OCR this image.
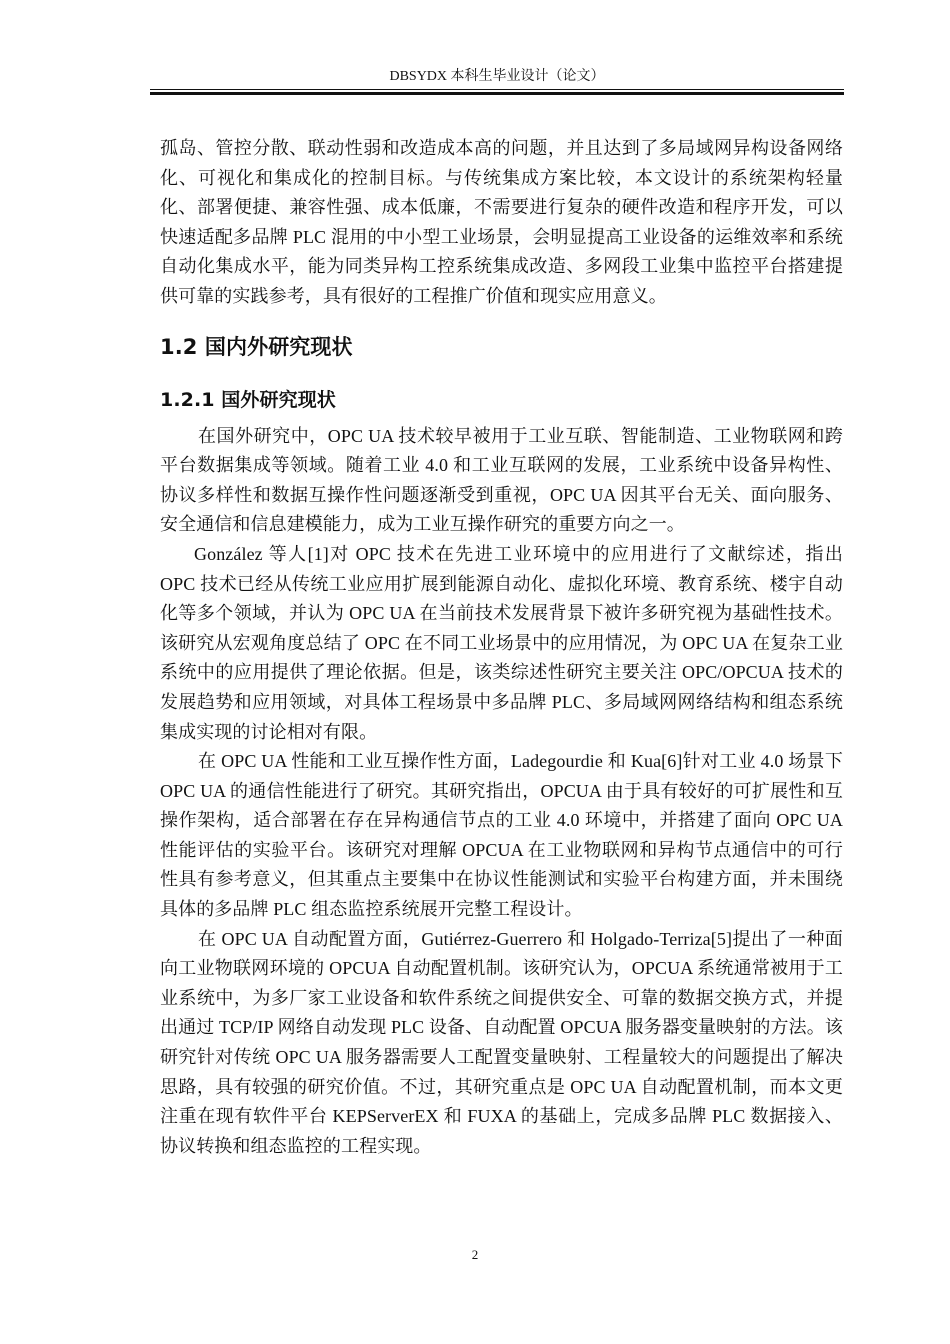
DBSYDX 本科生毕业设计（论文）

孤岛、管控分散、联动性弱和改造成本高的问题，并且达到了多局域网异构设备网络化、可视化和集成化的控制目标。与传统集成方案比较，本文设计的系统架构轻量化、部署便捷、兼容性强、成本低廉，不需要进行复杂的硬件改造和程序开发，可以快速适配多品牌 PLC 混用的中小型工业场景，会明显提高工业设备的运维效率和系统自动化集成水平，能为同类异构工控系统集成改造、多网段工业集中监控平台搭建提供可靠的实践参考，具有很好的工程推广价值和现实应用意义。

1.2 国内外研究现状
1.2.1 国外研究现状

在国外研究中，OPC UA 技术较早被用于工业互联、智能制造、工业物联网和跨平台数据集成等领域。随着工业 4.0 和工业互联网的发展，工业系统中设备异构性、协议多样性和数据互操作性问题逐渐受到重视，OPC UA 因其平台无关、面向服务、安全通信和信息建模能力，成为工业互操作研究的重要方向之一。

González 等人[1]对 OPC 技术在先进工业环境中的应用进行了文献综述，指出 OPC 技术已经从传统工业应用扩展到能源自动化、虚拟化环境、教育系统、楼宇自动化等多个领域，并认为 OPC UA 在当前技术发展背景下被许多研究视为基础性技术。该研究从宏观角度总结了 OPC 在不同工业场景中的应用情况，为 OPC UA 在复杂工业系统中的应用提供了理论依据。但是，该类综述性研究主要关注 OPC/OPCUA 技术的发展趋势和应用领域，对具体工程场景中多品牌 PLC、多局域网网络结构和组态系统集成实现的讨论相对有限。

在 OPC UA 性能和工业互操作性方面，Ladegourdie 和 Kua[6]针对工业 4.0 场景下 OPC UA 的通信性能进行了研究。其研究指出，OPCUA 由于具有较好的可扩展性和互操作架构，适合部署在存在异构通信节点的工业 4.0 环境中，并搭建了面向 OPC UA 性能评估的实验平台。该研究对理解 OPCUA 在工业物联网和异构节点通信中的可行性具有参考意义，但其重点主要集中在协议性能测试和实验平台构建方面，并未围绕具体的多品牌 PLC 组态监控系统展开完整工程设计。

在 OPC UA 自动配置方面，Gutiérrez-Guerrero 和 Holgado-Terriza[5]提出了一种面向工业物联网环境的 OPCUA 自动配置机制。该研究认为，OPCUA 系统通常被用于工业系统中，为多厂家工业设备和软件系统之间提供安全、可靠的数据交换方式，并提出通过 TCP/IP 网络自动发现 PLC 设备、自动配置 OPCUA 服务器变量映射的方法。该研究针对传统 OPC UA 服务器需要人工配置变量映射、工程量较大的问题提出了解决思路，具有较强的研究价值。不过，其研究重点是 OPC UA 自动配置机制，而本文更注重在现有软件平台 KEPServerEX 和 FUXA 的基础上，完成多品牌 PLC 数据接入、协议转换和组态监控的工程实现。

2
